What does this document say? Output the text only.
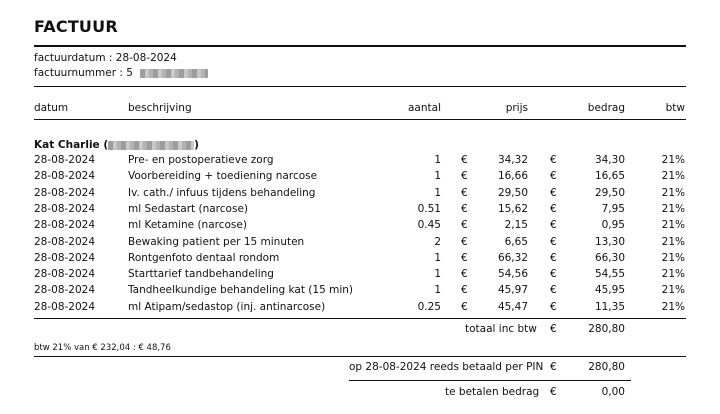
FACTUUR
factuurdatum : 28-08-2024
factuurnummer : 5
datum	beschrijving	aantal	prijs	bedrag	btw
Kat Charlie (	)
28-08-2024	Pre- en postoperatieve zorg	1 €	34,32 €	34,30	21%
28-08-2024	Voorbereiding + toediening narcose	1 €	16,66 €	16,65	21%
28-08-2024	Iv. cath./ infuus tijdens behandeling	1 €	29,50 €	29,50	21%
28-08-2024	ml Sedastart (narcose)	0.51 €	15,62 €	7,95	21%
28-08-2024	ml Ketamine (narcose)	0.45 €	2,15 €	0,95	21%
28-08-2024	Bewaking patient per 15 minuten	2 €	6,65 €	13,30	21%
28-08-2024	Rontgenfoto dentaal rondom	1 €	66,32 €	66,30	21%
28-08-2024	Starttarief tandbehandeling	1 €	54,56 €	54,55	21%
28-08-2024	Tandheelkundige behandeling kat (15 min)	1 €	45,97 €	45,95	21%
28-08-2024	ml Atipam/sedastop (inj. antinarcose)	0.25 €	45,47 €	11,35	21%
totaal inc btw €	280,80
btw 21% van € 232,04 : € 48,76
op 28-08-2024 reeds betaald per PIN €	280,80
te betalen bedrag €	0,00
